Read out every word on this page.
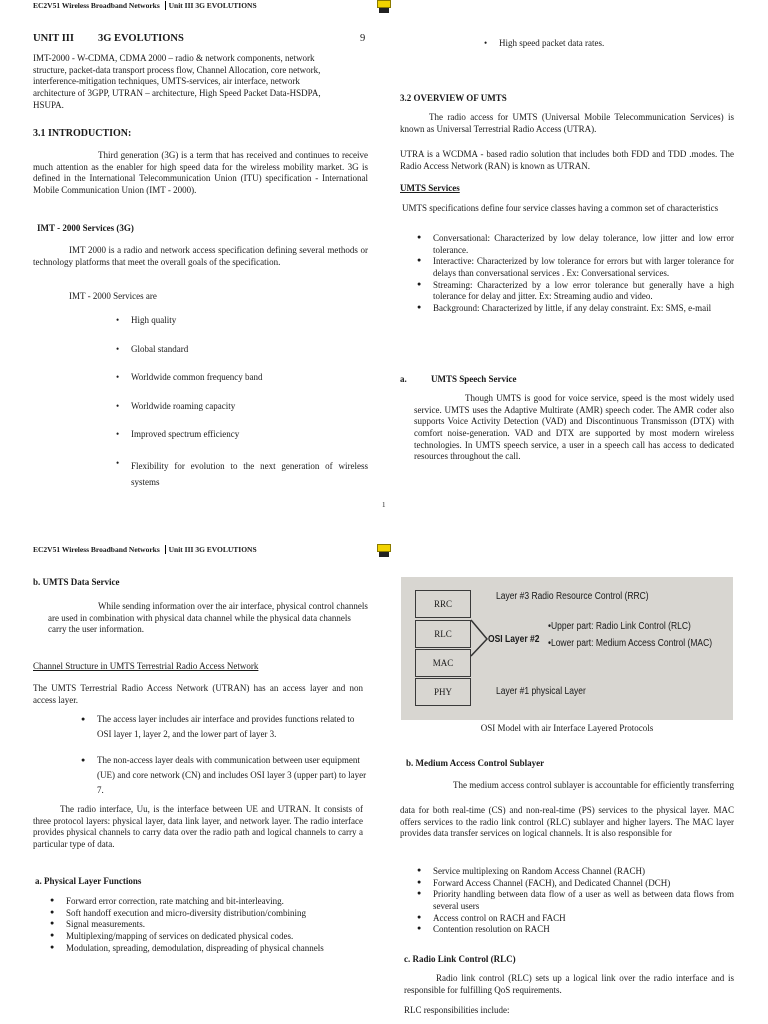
EC2V51 Wireless Broadband Networks Unit III 3G EVOLUTIONS
UNIT III 3G EVOLUTIONS	9
IMT-2000 - W-CDMA, CDMA 2000 – radio & network components, network structure, packet-data transport process flow, Channel Allocation, core network, interference-mitigation techniques, UMTS-services, air interface, network architecture of 3GPP, UTRAN – architecture, High Speed Packet Data-HSDPA, HSUPA.
3.1 INTRODUCTION:
Third generation (3G) is a term that has received and continues to receive much attention as the enabler for high speed data for the wireless mobility market. 3G is defined in the International Telecommunication Union (ITU) specification - International Mobile Communication Union (IMT - 2000).
IMT - 2000 Services (3G)
IMT 2000 is a radio and network access specification defining several methods or technology platforms that meet the overall goals of the specification.
IMT - 2000 Services are
• High quality
• Global standard
• Worldwide common frequency band
• Worldwide roaming capacity
• Improved spectrum efficiency
• Flexibility for evolution to the next generation of wireless systems
• High speed packet data rates.
3.2 OVERVIEW OF UMTS
The radio access for UMTS (Universal Mobile Telecommunication Services) is known as Universal Terrestrial Radio Access (UTRA).
UTRA is a WCDMA - based radio solution that includes both FDD and TDD .modes. The Radio Access Network (RAN) is known as UTRAN.
UMTS Services
UMTS specifications define four service classes having a common set of characteristics
● Conversational: Characterized by low delay tolerance, low jitter and low error tolerance.
● Interactive: Characterized by low tolerance for errors but with larger tolerance for delays than conversational services . Ex: Conversational services.
● Streaming: Characterized by a low error tolerance but generally have a high tolerance for delay and jitter. Ex: Streaming audio and video.
● Background: Characterized by little, if any delay constraint. Ex: SMS, e-mail
a.	UMTS Speech Service
Though UMTS is good for voice service, speed is the most widely used service. UMTS uses the Adaptive Multirate (AMR) speech coder. The AMR coder also supports Voice Activity Detection (VAD) and Discontinuous Transmisson (DTX) with comfort noise-generation. VAD and DTX are supported by most modern wireless technologies. In UMTS speech service, a user in a speech call has access to dedicated resources throughout the call.
1
EC2V51 Wireless Broadband Networks Unit III 3G EVOLUTIONS
b. UMTS Data Service
While sending information over the air interface, physical control channels are used in combination with physical data channel while the physical data channels carry the user information.
Channel Structure in UMTS Terrestrial Radio Access Network
The UMTS Terrestrial Radio Access Network (UTRAN) has an access layer and non access layer.
● The access layer includes air interface and provides functions related to OSI layer 1, layer 2, and the lower part of layer 3.
● The non-access layer deals with communication between user equipment (UE) and core network (CN) and includes OSI layer 3 (upper part) to layer 7.
The radio interface, Uu, is the interface between UE and UTRAN. It consists of three protocol layers: physical layer, data link layer, and network layer. The radio interface provides physical channels to carry data over the radio path and logical channels to carry a particular type of data.
a. Physical Layer Functions
● Forward error correction, rate matching and bit-interleaving.
● Soft handoff execution and micro-diversity distribution/combining
● Signal measurements.
● Multiplexing/mapping of services on dedicated physical codes.
● Modulation, spreading, demodulation, dispreading of physical channels
RRC
RLC
MAC
PHY
Layer #3 Radio Resource Control (RRC)
OSI Layer #2
•Upper part: Radio Link Control (RLC)
•Lower part: Medium Access Control (MAC)
Layer #1 physical Layer
OSI Model with air Interface Layered Protocols
b. Medium Access Control Sublayer
The medium access control sublayer is accountable for efficiently transferring
data for both real-time (CS) and non-real-time (PS) services to the physical layer. MAC offers services to the radio link control (RLC) sublayer and higher layers. The MAC layer provides data transfer services on logical channels. It is also responsible for
● Service multiplexing on Random Access Channel (RACH)
● Forward Access Channel (FACH), and Dedicated Channel (DCH)
● Priority handling between data flow of a user as well as between data flows from several users
● Access control on RACH and FACH
● Contention resolution on RACH
c. Radio Link Control (RLC)
Radio link control (RLC) sets up a logical link over the radio interface and is responsible for fulfilling QoS requirements.
RLC responsibilities include:
